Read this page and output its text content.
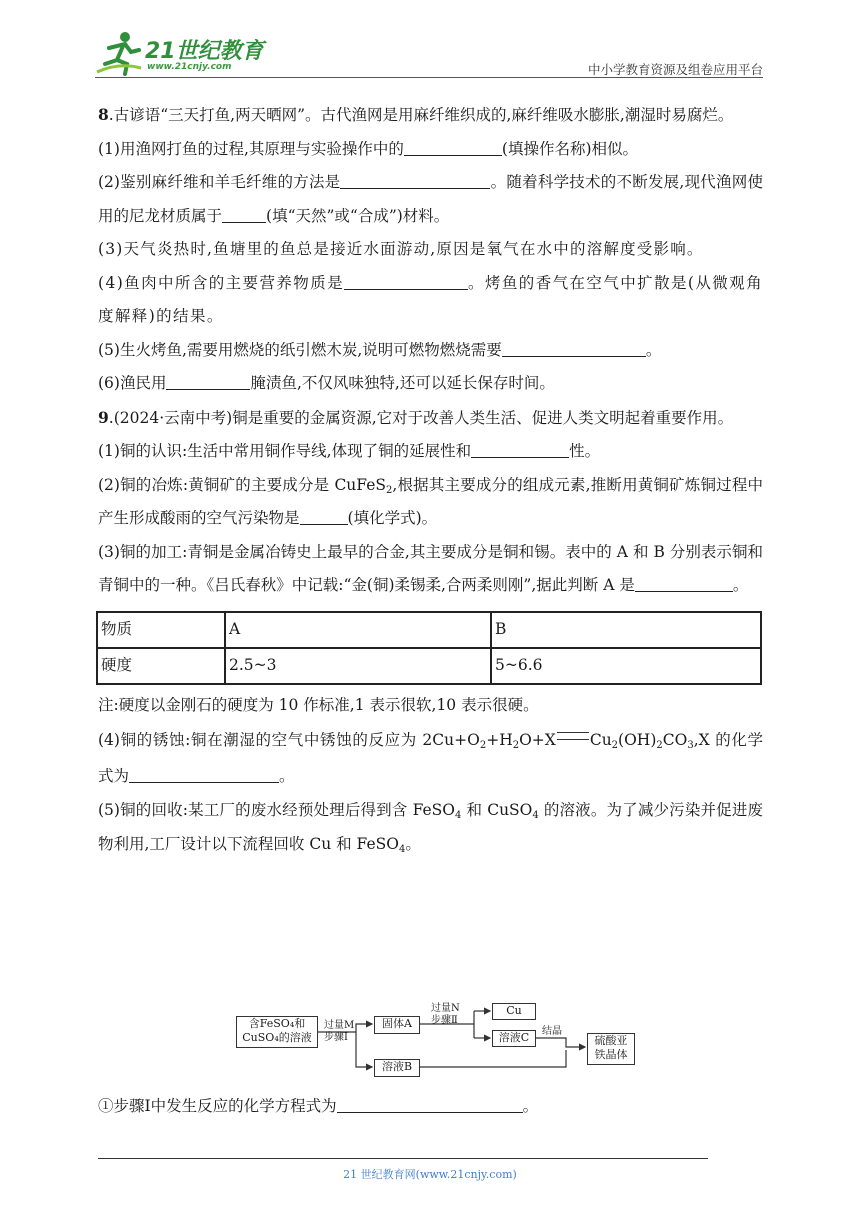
21世纪教育
www.21cnjy.com	中小学教育资源及组卷应用平台

8.古谚语“三天打鱼,两天晒网”。古代渔网是用麻纤维织成的,麻纤维吸水膨胀,潮湿时易腐烂。

(1)用渔网打鱼的过程,其原理与实验操作中的	(填操作名称)相似。

(2)鉴别麻纤维和羊毛纤维的方法是	。随着科学技术的不断发展,现代渔网使用的尼龙材质属于	(填“天然”或“合成”)材料。

(3)天气炎热时,鱼塘里的鱼总是接近水面游动,原因是氧气在水中的溶解度受影响。

(4)鱼肉中所含的主要营养物质是	。烤鱼的香气在空气中扩散是(从微观角度解释)的结果。

(5)生火烤鱼,需要用燃烧的纸引燃木炭,说明可燃物燃烧需要	。

(6)渔民用	腌渍鱼,不仅风味独特,还可以延长保存时间。

9.(2024·云南中考)铜是重要的金属资源,它对于改善人类生活、促进人类文明起着重要作用。

(1)铜的认识:生活中常用铜作导线,体现了铜的延展性和	性。

(2)铜的冶炼:黄铜矿的主要成分是 CuFeS$_2$,根据其主要成分的组成元素,推断用黄铜矿炼铜过程中产生形成酸雨的空气污染物是	(填化学式)。

(3)铜的加工:青铜是金属冶铸史上最早的合金,其主要成分是铜和锡。表中的 A 和 B 分别表示铜和青铜中的一种。《吕氏春秋》中记载:“金(铜)柔锡柔,合两柔则刚”,据此判断 A 是	。

物质	A	B
硬度	2.5~3	5~6.6

注:硬度以金刚石的硬度为 10 作标准,1 表示很软,10 表示很硬。

(4)铜的锈蚀:铜在潮湿的空气中锈蚀的反应为 $2Cu+O_2+H_2O+X$ $Cu_2(OH)_2CO_3,X$ 的化学式为	。

(5)铜的回收:某工厂的废水经预处理后得到含 FeSO$_4$ 和 CuSO$_4$ 的溶液。为了减少污染并促进废物利用,工厂设计以下流程回收 Cu 和 FeSO$_4$。

含FeSO₄和
CuSO₄的溶液
过量M
步骤Ⅰ
固体A
过量N
步骤Ⅱ
Cu
溶液C	结晶
硫酸亚
铁晶体
溶液B

①步骤Ⅰ中发生反应的化学方程式为	。

21 世纪教育网(www.21cnjy.com)
